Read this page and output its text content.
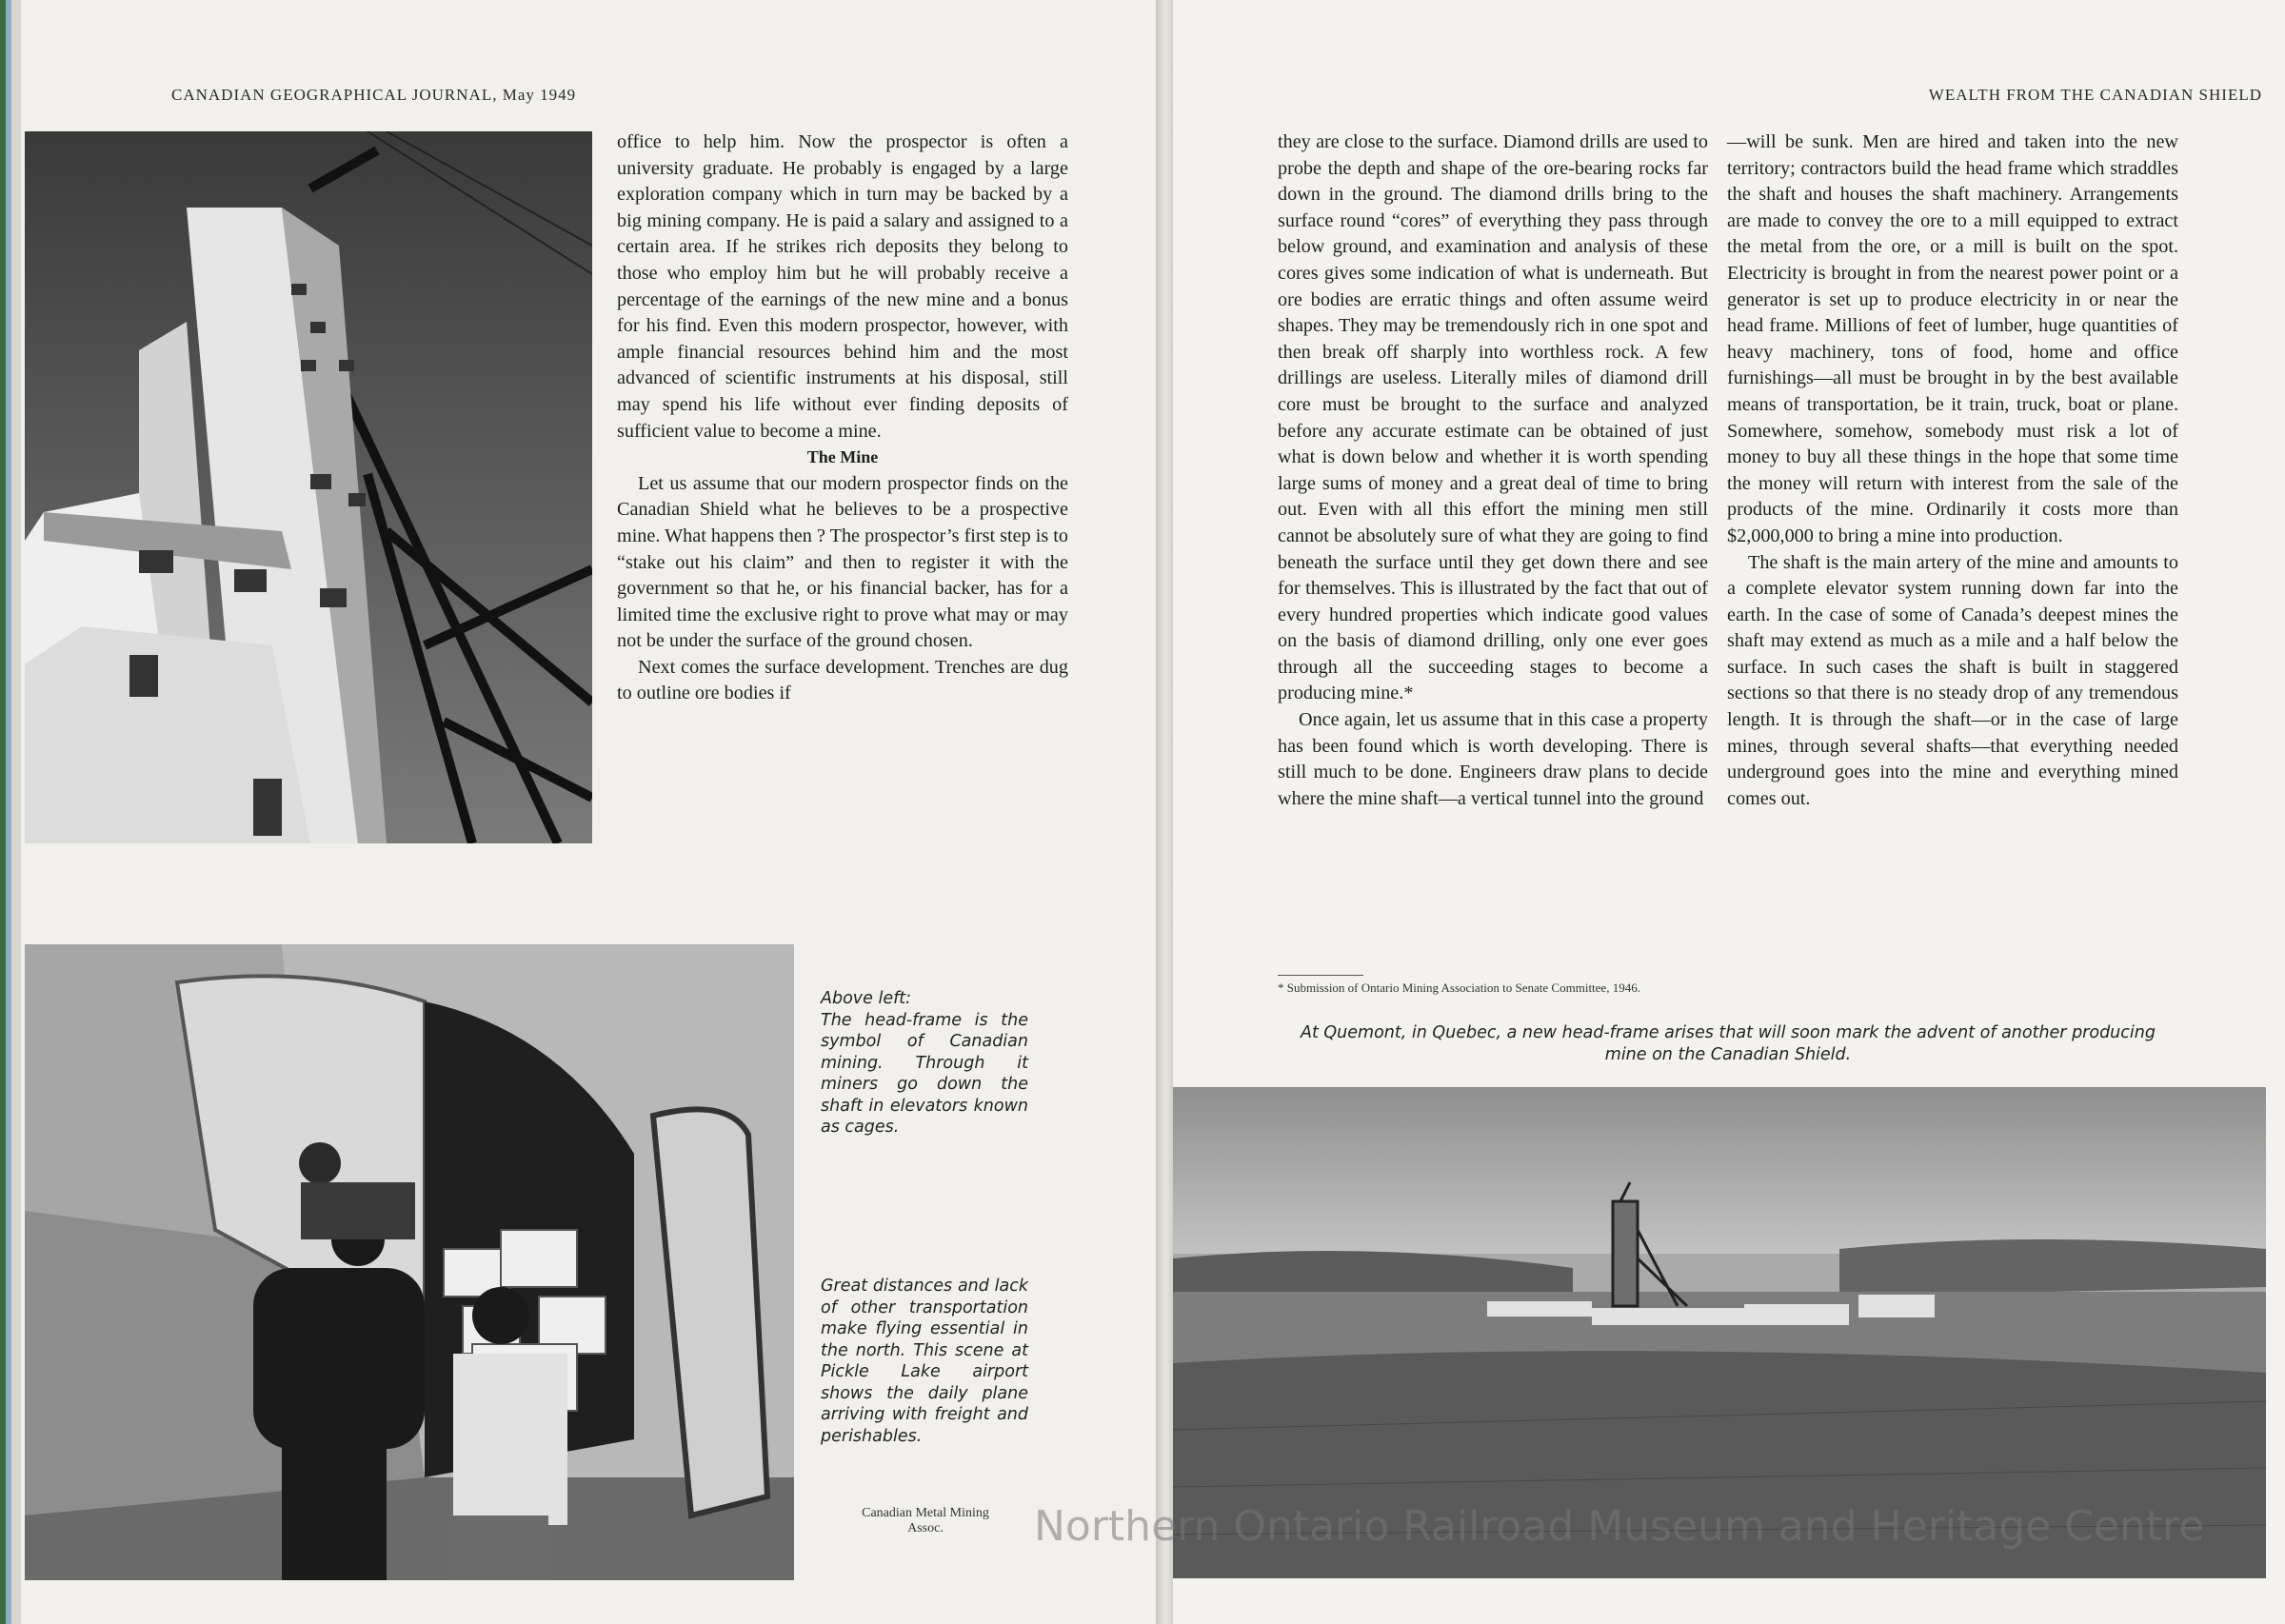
CANADIAN GEOGRAPHICAL JOURNAL, May 1949

office to help him. Now the prospector is often a university graduate. He probably is engaged by a large exploration company which in turn may be backed by a big mining company. He is paid a salary and assigned to a certain area. If he strikes rich deposits they belong to those who employ him but he will probably receive a percentage of the earnings of the new mine and a bonus for his find. Even this modern prospector, however, with ample financial resources behind him and the most advanced of scientific instruments at his disposal, still may spend his life without ever finding deposits of sufficient value to become a mine.

The Mine

Let us assume that our modern prospector finds on the Canadian Shield what he believes to be a prospective mine. What happens then ? The prospector’s first step is to “stake out his claim” and then to register it with the government so that he, or his financial backer, has for a limited time the exclusive right to prove what may or may not be under the surface of the ground chosen.

Next comes the surface development. Trenches are dug to outline ore bodies if

Above left:
The head-frame is the symbol of Canadian mining. Through it miners go down the shaft in elevators known as cages.
Great distances and lack of other transportation make flying essential in the north. This scene at Pickle Lake airport shows the daily plane arriving with freight and perishables.
Canadian Metal Mining
Assoc.
WEALTH FROM THE CANADIAN SHIELD

they are close to the surface. Diamond drills are used to probe the depth and shape of the ore-bearing rocks far down in the ground. The diamond drills bring to the surface round “cores” of everything they pass through below ground, and examination and analysis of these cores gives some indication of what is underneath. But ore bodies are erratic things and often assume weird shapes. They may be tremendously rich in one spot and then break off sharply into worthless rock. A few drillings are useless. Literally miles of diamond drill core must be brought to the surface and analyzed before any accurate estimate can be obtained of just what is down below and whether it is worth spending large sums of money and a great deal of time to bring out. Even with all this effort the mining men still cannot be absolutely sure of what they are going to find beneath the surface until they get down there and see for themselves. This is illustrated by the fact that out of every hundred properties which indicate good values on the basis of diamond drilling, only one ever goes through all the succeeding stages to become a producing mine.*

Once again, let us assume that in this case a property has been found which is worth developing. There is still much to be done. Engineers draw plans to decide where the mine shaft—a vertical tunnel into the ground

—will be sunk. Men are hired and taken into the new territory; contractors build the head frame which straddles the shaft and houses the shaft machinery. Arrangements are made to convey the ore to a mill equipped to extract the metal from the ore, or a mill is built on the spot. Electricity is brought in from the nearest power point or a generator is set up to produce electricity in or near the head frame. Millions of feet of lumber, huge quantities of heavy machinery, tons of food, home and office furnishings—all must be brought in by the best available means of transportation, be it train, truck, boat or plane. Somewhere, somehow, somebody must risk a lot of money to buy all these things in the hope that some time the money will return with interest from the sale of the products of the mine. Ordinarily it costs more than $2,000,000 to bring a mine into production.

The shaft is the main artery of the mine and amounts to a complete elevator system running down far into the earth. In the case of some of Canada’s deepest mines the shaft may extend as much as a mile and a half below the surface. In such cases the shaft is built in staggered sections so that there is no steady drop of any tremendous length. It is through the shaft—or in the case of large mines, through several shafts—that everything needed underground goes into the mine and everything mined comes out.

* Submission of Ontario Mining Association to Senate Committee, 1946.
At Quemont, in Quebec, a new head-frame arises that will soon mark the advent of another producing mine on the Canadian Shield.
Northern Ontario Railroad Museum and Heritage Centre
